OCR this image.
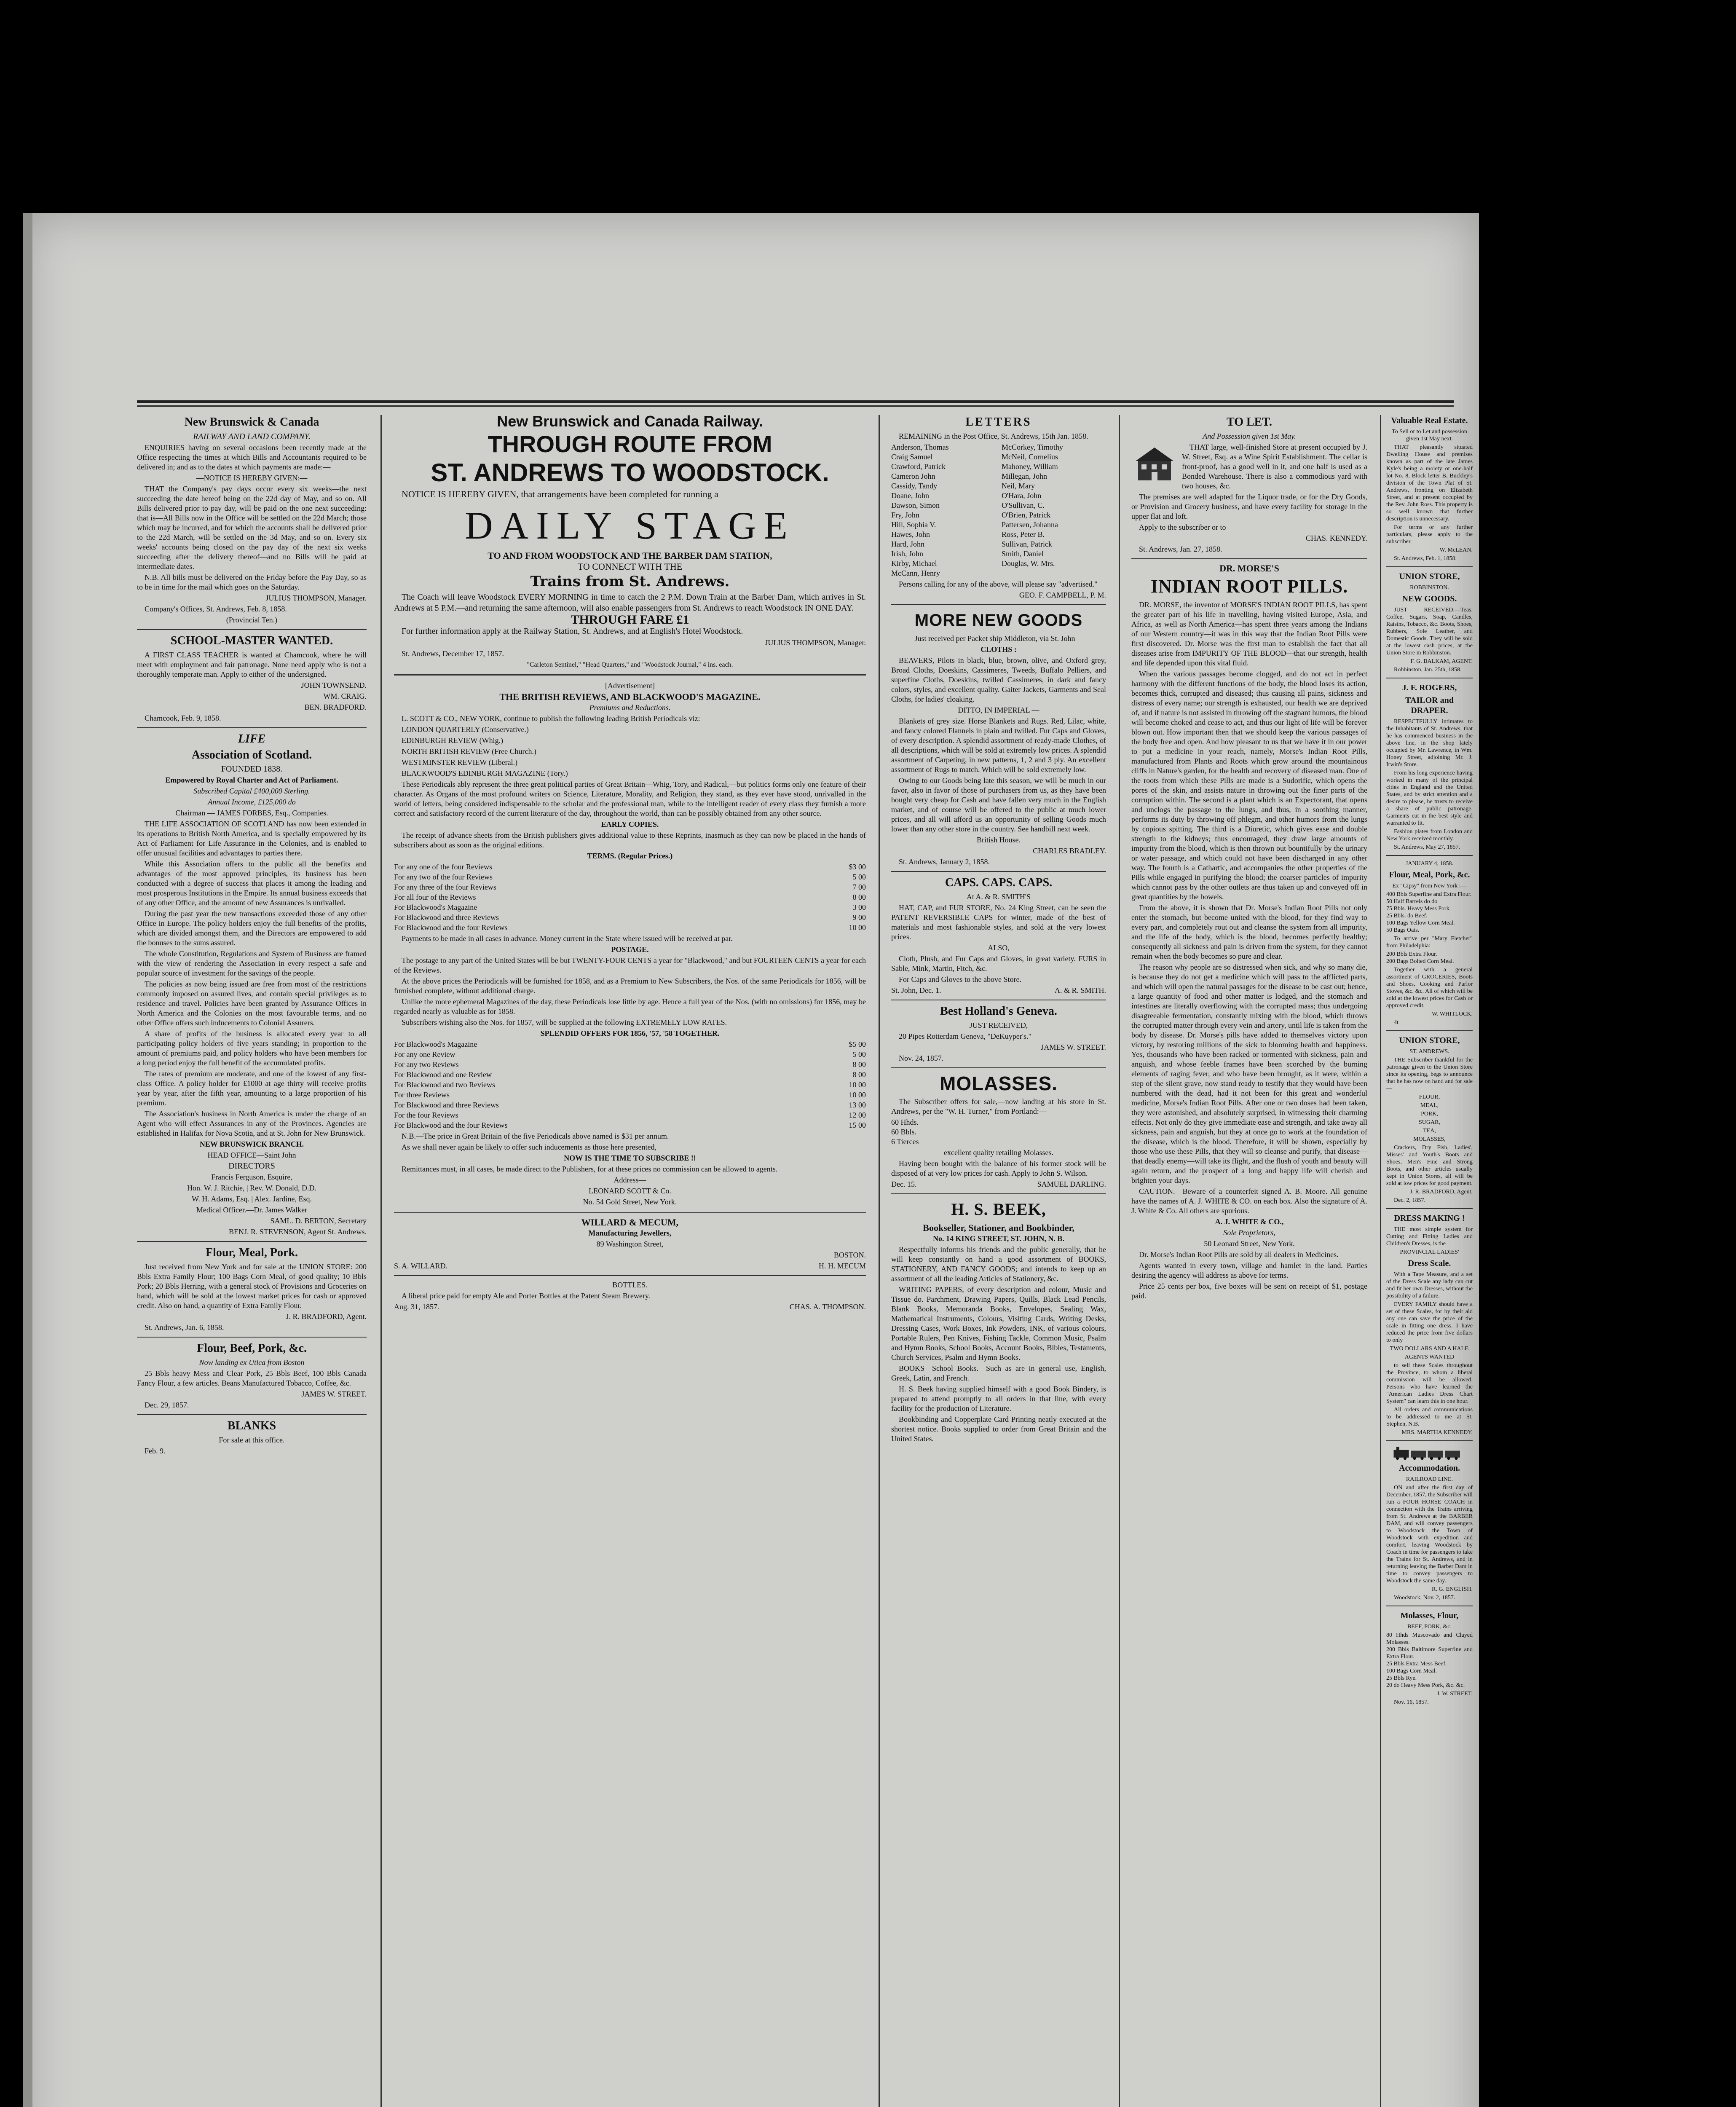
New Brunswick & Canada
RAILWAY AND LAND COMPANY.
ENQUIRIES having on several occasions been recently made at the Office respecting the times at which Bills and Accountants required to be delivered in; and as to the dates at which payments are made:—
—NOTICE IS HEREBY GIVEN:—
THAT the Company's pay days occur every six weeks—the next succeeding the date hereof being on the 22d day of May, and so on. All Bills delivered prior to pay day, will be paid on the one next succeeding: that is—All Bills now in the Office will be settled on the 22d March; those which may be incurred, and for which the accounts shall be delivered prior to the 22d March, will be settled on the 3d May, and so on. Every six weeks' accounts being closed on the pay day of the next six weeks succeeding after the delivery thereof—and no Bills will be paid at intermediate dates.
N.B. All bills must be delivered on the Friday before the Pay Day, so as to be in time for the mail which goes on the Saturday.
JULIUS THOMPSON, Manager.
Company's Offices, St. Andrews, Feb. 8, 1858.
(Provincial Ten.)
SCHOOL-MASTER WANTED.
A FIRST CLASS TEACHER is wanted at Chamcook, where he will meet with employment and fair patronage. None need apply who is not a thoroughly temperate man. Apply to either of the undersigned.
JOHN TOWNSEND.
WM. CRAIG.
BEN. BRADFORD.
Chamcook, Feb. 9, 1858.
LIFE
Association of Scotland.
FOUNDED 1838.
Empowered by Royal Charter and Act of Parliament.
Subscribed Capital £400,000 Sterling.
Annual Income, £125,000 do
Chairman — JAMES FORBES, Esq., Companies.
THE LIFE ASSOCIATION OF SCOTLAND has now been extended in its operations to British North America, and is specially empowered by its Act of Parliament for Life Assurance in the Colonies, and is enabled to offer unusual facilities and advantages to parties there.
While this Association offers to the public all the benefits and advantages of the most approved principles, its business has been conducted with a degree of success that places it among the leading and most prosperous Institutions in the Empire. Its annual business exceeds that of any other Office, and the amount of new Assurances is unrivalled.
During the past year the new transactions exceeded those of any other Office in Europe. The policy holders enjoy the full benefits of the profits, which are divided amongst them, and the Directors are empowered to add the bonuses to the sums assured.
The whole Constitution, Regulations and System of Business are framed with the view of rendering the Association in every respect a safe and popular source of investment for the savings of the people.
The policies as now being issued are free from most of the restrictions commonly imposed on assured lives, and contain special privileges as to residence and travel. Policies have been granted by Assurance Offices in North America and the Colonies on the most favourable terms, and no other Office offers such inducements to Colonial Assurers.
A share of profits of the business is allocated every year to all participating policy holders of five years standing; in proportion to the amount of premiums paid, and policy holders who have been members for a long period enjoy the full benefit of the accumulated profits.
The rates of premium are moderate, and one of the lowest of any first-class Office. A policy holder for £1000 at age thirty will receive profits year by year, after the fifth year, amounting to a large proportion of his premium.
The Association's business in North America is under the charge of an Agent who will effect Assurances in any of the Provinces. Agencies are established in Halifax for Nova Scotia, and at St. John for New Brunswick.
NEW BRUNSWICK BRANCH.
HEAD OFFICE—Saint John
DIRECTORS
Francis Ferguson, Esquire,
Hon. W. J. Ritchie, | Rev. W. Donald, D.D.
W. H. Adams, Esq. | Alex. Jardine, Esq.
Medical Officer.—Dr. James Walker
SAML. D. BERTON, Secretary
BENJ. R. STEVENSON, Agent St. Andrews.
Flour, Meal, Pork.
Just received from New York and for sale at the UNION STORE: 200 Bbls Extra Family Flour; 100 Bags Corn Meal, of good quality; 10 Bbls Pork; 20 Bbls Herring, with a general stock of Provisions and Groceries on hand, which will be sold at the lowest market prices for cash or approved credit. Also on hand, a quantity of Extra Family Flour.
J. R. BRADFORD, Agent.
St. Andrews, Jan. 6, 1858.
Flour, Beef, Pork, &c.
Now landing ex Utica from Boston
25 Bbls heavy Mess and Clear Pork, 25 Bbls Beef, 100 Bbls Canada Fancy Flour, a few articles. Beans Manufactured Tobacco, Coffee, &c.
JAMES W. STREET.
Dec. 29, 1857.
BLANKS
For sale at this office.
Feb. 9.
New Brunswick and Canada Railway.
THROUGH ROUTE FROM
ST. ANDREWS TO WOODSTOCK.
NOTICE IS HEREBY GIVEN, that arrangements have been completed for running a
DAILY STAGE
TO AND FROM WOODSTOCK AND THE BARBER DAM STATION,
TO CONNECT WITH THE
Trains from St. Andrews.
The Coach will leave Woodstock EVERY MORNING in time to catch the 2 P.M. Down Train at the Barber Dam, which arrives in St. Andrews at 5 P.M.—and returning the same afternoon, will also enable passengers from St. Andrews to reach Woodstock IN ONE DAY.
THROUGH FARE £1
For further information apply at the Railway Station, St. Andrews, and at English's Hotel Woodstock.
JULIUS THOMPSON, Manager.
St. Andrews, December 17, 1857.
"Carleton Sentinel," "Head Quarters," and "Woodstock Journal," 4 ins. each.
[Advertisement]
THE BRITISH REVIEWS, AND BLACKWOOD'S MAGAZINE.
Premiums and Reductions.
L. SCOTT & CO., NEW YORK, continue to publish the following leading British Periodicals viz:
LONDON QUARTERLY (Conservative.)
EDINBURGH REVIEW (Whig.)
NORTH BRITISH REVIEW (Free Church.)
WESTMINSTER REVIEW (Liberal.)
BLACKWOOD'S EDINBURGH MAGAZINE (Tory.)
These Periodicals ably represent the three great political parties of Great Britain—Whig, Tory, and Radical,—but politics forms only one feature of their character. As Organs of the most profound writers on Science, Literature, Morality, and Religion, they stand, as they ever have stood, unrivalled in the world of letters, being considered indispensable to the scholar and the professional man, while to the intelligent reader of every class they furnish a more correct and satisfactory record of the current literature of the day, throughout the world, than can be possibly obtained from any other source.
EARLY COPIES.
The receipt of advance sheets from the British publishers gives additional value to these Reprints, inasmuch as they can now be placed in the hands of subscribers about as soon as the original editions.
TERMS. (Regular Prices.)
For any one of the four Reviews	$3 00
For any two of the four Reviews	5 00
For any three of the four Reviews	7 00
For all four of the Reviews	8 00
For Blackwood's Magazine	3 00
For Blackwood and three Reviews	9 00
For Blackwood and the four Reviews	10 00
Payments to be made in all cases in advance. Money current in the State where issued will be received at par.
POSTAGE.
The postage to any part of the United States will be but TWENTY-FOUR CENTS a year for "Blackwood," and but FOURTEEN CENTS a year for each of the Reviews.
At the above prices the Periodicals will be furnished for 1858, and as a Premium to New Subscribers, the Nos. of the same Periodicals for 1856, will be furnished complete, without additional charge.
Unlike the more ephemeral Magazines of the day, these Periodicals lose little by age. Hence a full year of the Nos. (with no omissions) for 1856, may be regarded nearly as valuable as for 1858.
Subscribers wishing also the Nos. for 1857, will be supplied at the following EXTREMELY LOW RATES.
SPLENDID OFFERS FOR 1856, '57, '58 TOGETHER.
For Blackwood's Magazine	$5 00
For any one Review	5 00
For any two Reviews	8 00
For Blackwood and one Review	8 00
For Blackwood and two Reviews	10 00
For three Reviews	10 00
For Blackwood and three Reviews	13 00
For the four Reviews	12 00
For Blackwood and the four Reviews	15 00
N.B.—The price in Great Britain of the five Periodicals above named is $31 per annum.
As we shall never again be likely to offer such inducements as those here presented,
NOW IS THE TIME TO SUBSCRIBE !!
Remittances must, in all cases, be made direct to the Publishers, for at these prices no commission can be allowed to agents.
Address—
LEONARD SCOTT & Co.
No. 54 Gold Street, New York.
WILLARD & MECUM,
Manufacturing Jewellers,
89 Washington Street,
BOSTON.
S. A. WILLARD.	H. H. MECUM
BOTTLES.
A liberal price paid for empty Ale and Porter Bottles at the Patent Steam Brewery.
Aug. 31, 1857.	CHAS. A. THOMPSON.
LETTERS
REMAINING in the Post Office, St. Andrews, 15th Jan. 1858.
Anderson, Thomas
Craig Samuel
Crawford, Patrick
Cameron John
Cassidy, Tandy
Doane, John
Dawson, Simon
Fry, John
Hill, Sophia V.
Hawes, John
Hard, John
Irish, John
Kirby, Michael
McCann, Henry
McCorkey, Timothy
McNeil, Cornelius
Mahoney, William
Millegan, John
Neil, Mary
O'Hara, John
O'Sullivan, C.
O'Brien, Patrick
Pattersen, Johanna
Ross, Peter B.
Sullivan, Patrick
Smith, Daniel
Douglas, W. Mrs.
Persons calling for any of the above, will please say "advertised."
GEO. F. CAMPBELL, P. M.
MORE NEW GOODS
Just received per Packet ship Middleton, via St. John—
CLOTHS :
BEAVERS, Pilots in black, blue, brown, olive, and Oxford grey, Broad Cloths, Doeskins, Cassimeres, Tweeds, Buffalo Pelliers, and superfine Cloths, Doeskins, twilled Cassimeres, in dark and fancy colors, styles, and excellent quality. Gaiter Jackets, Garments and Seal Cloths, for ladies' cloaking.
DITTO, IN IMPERIAL —
Blankets of grey size. Horse Blankets and Rugs. Red, Lilac, white, and fancy colored Flannels in plain and twilled. Fur Caps and Gloves, of every description. A splendid assortment of ready-made Clothes, of all descriptions, which will be sold at extremely low prices. A splendid assortment of Carpeting, in new patterns, 1, 2 and 3 ply. An excellent assortment of Rugs to match. Which will be sold extremely low.
Owing to our Goods being late this season, we will be much in our favor, also in favor of those of purchasers from us, as they have been bought very cheap for Cash and have fallen very much in the English market, and of course will be offered to the public at much lower prices, and all will afford us an opportunity of selling Goods much lower than any other store in the country. See handbill next week.
British House.
CHARLES BRADLEY.
St. Andrews, January 2, 1858.
CAPS. CAPS. CAPS.
At A. & R. SMITH'S
HAT, CAP, and FUR STORE, No. 24 King Street, can be seen the PATENT REVERSIBLE CAPS for winter, made of the best of materials and most fashionable styles, and sold at the very lowest prices.
ALSO,
Cloth, Plush, and Fur Caps and Gloves, in great variety. FURS in Sable, Mink, Martin, Fitch, &c.
For Caps and Gloves to the above Store.
St. John, Dec. 1.	A. & R. SMITH.
Best Holland's Geneva.
JUST RECEIVED,
20 Pipes Rotterdam Geneva, "DeKuyper's."
JAMES W. STREET.
Nov. 24, 1857.
MOLASSES.
The Subscriber offers for sale,—now landing at his store in St. Andrews, per the "W. H. Turner," from Portland:—
60 Hhds.
60 Bbls.
6 Tierces
excellent quality retailing Molasses.
Having been bought with the balance of his former stock will be disposed of at very low prices for cash. Apply to John S. Wilson.
Dec. 15.	SAMUEL DARLING.
H. S. BEEK,
Bookseller, Stationer, and Bookbinder,
No. 14 KING STREET, ST. JOHN, N. B.
Respectfully informs his friends and the public generally, that he will keep constantly on hand a good assortment of BOOKS, STATIONERY, AND FANCY GOODS; and intends to keep up an assortment of all the leading Articles of Stationery, &c.
WRITING PAPERS, of every description and colour, Music and Tissue do. Parchment, Drawing Papers, Quills, Black Lead Pencils, Blank Books, Memoranda Books, Envelopes, Sealing Wax, Mathematical Instruments, Colours, Visiting Cards, Writing Desks, Dressing Cases, Work Boxes, Ink Powders, INK, of various colours, Portable Rulers, Pen Knives, Fishing Tackle, Common Music, Psalm and Hymn Books, School Books, Account Books, Bibles, Testaments, Church Services, Psalm and Hymn Books.
BOOKS—School Books.—Such as are in general use, English, Greek, Latin, and French.
H. S. Beek having supplied himself with a good Book Bindery, is prepared to attend promptly to all orders in that line, with every facility for the production of Literature.
Bookbinding and Copperplate Card Printing neatly executed at the shortest notice. Books supplied to order from Great Britain and the United States.
TO LET.
And Possession given 1st May.
THAT large, well-finished Store at present occupied by J. W. Street, Esq. as a Wine Spirit Establishment. The cellar is front-proof, has a good well in it, and one half is used as a Bonded Warehouse. There is also a commodious yard with two houses, &c.
The premises are well adapted for the Liquor trade, or for the Dry Goods, or Provision and Grocery business, and have every facility for storage in the upper flat and loft.
Apply to the subscriber or to
CHAS. KENNEDY.
St. Andrews, Jan. 27, 1858.
DR. MORSE'S
INDIAN ROOT PILLS.
DR. MORSE, the inventor of MORSE'S INDIAN ROOT PILLS, has spent the greater part of his life in travelling, having visited Europe, Asia, and Africa, as well as North America—has spent three years among the Indians of our Western country—it was in this way that the Indian Root Pills were first discovered. Dr. Morse was the first man to establish the fact that all diseases arise from IMPURITY OF THE BLOOD—that our strength, health and life depended upon this vital fluid.
When the various passages become clogged, and do not act in perfect harmony with the different functions of the body, the blood loses its action, becomes thick, corrupted and diseased; thus causing all pains, sickness and distress of every name; our strength is exhausted, our health we are deprived of, and if nature is not assisted in throwing off the stagnant humors, the blood will become choked and cease to act, and thus our light of life will be forever blown out. How important then that we should keep the various passages of the body free and open. And how pleasant to us that we have it in our power to put a medicine in your reach, namely, Morse's Indian Root Pills, manufactured from Plants and Roots which grow around the mountainous cliffs in Nature's garden, for the health and recovery of diseased man. One of the roots from which these Pills are made is a Sudorific, which opens the pores of the skin, and assists nature in throwing out the finer parts of the corruption within. The second is a plant which is an Expectorant, that opens and unclogs the passage to the lungs, and thus, in a soothing manner, performs its duty by throwing off phlegm, and other humors from the lungs by copious spitting. The third is a Diuretic, which gives ease and double strength to the kidneys; thus encouraged, they draw large amounts of impurity from the blood, which is then thrown out bountifully by the urinary or water passage, and which could not have been discharged in any other way. The fourth is a Cathartic, and accompanies the other properties of the Pills while engaged in purifying the blood; the coarser particles of impurity which cannot pass by the other outlets are thus taken up and conveyed off in great quantities by the bowels.
From the above, it is shown that Dr. Morse's Indian Root Pills not only enter the stomach, but become united with the blood, for they find way to every part, and completely rout out and cleanse the system from all impurity, and the life of the body, which is the blood, becomes perfectly healthy; consequently all sickness and pain is driven from the system, for they cannot remain when the body becomes so pure and clear.
The reason why people are so distressed when sick, and why so many die, is because they do not get a medicine which will pass to the afflicted parts, and which will open the natural passages for the disease to be cast out; hence, a large quantity of food and other matter is lodged, and the stomach and intestines are literally overflowing with the corrupted mass; thus undergoing disagreeable fermentation, constantly mixing with the blood, which throws the corrupted matter through every vein and artery, until life is taken from the body by disease. Dr. Morse's pills have added to themselves victory upon victory, by restoring millions of the sick to blooming health and happiness. Yes, thousands who have been racked or tormented with sickness, pain and anguish, and whose feeble frames have been scorched by the burning elements of raging fever, and who have been brought, as it were, within a step of the silent grave, now stand ready to testify that they would have been numbered with the dead, had it not been for this great and wonderful medicine, Morse's Indian Root Pills. After one or two doses had been taken, they were astonished, and absolutely surprised, in witnessing their charming effects. Not only do they give immediate ease and strength, and take away all sickness, pain and anguish, but they at once go to work at the foundation of the disease, which is the blood. Therefore, it will be shown, especially by those who use these Pills, that they will so cleanse and purify, that disease—that deadly enemy—will take its flight, and the flush of youth and beauty will again return, and the prospect of a long and happy life will cherish and brighten your days.
CAUTION.—Beware of a counterfeit signed A. B. Moore. All genuine have the names of A. J. WHITE & CO. on each box. Also the signature of A. J. White & Co. All others are spurious.
A. J. WHITE & CO.,
Sole Proprietors,
50 Leonard Street, New York.
Dr. Morse's Indian Root Pills are sold by all dealers in Medicines.
Agents wanted in every town, village and hamlet in the land. Parties desiring the agency will address as above for terms.
Price 25 cents per box, five boxes will be sent on receipt of $1, postage paid.
Valuable Real Estate.
To Sell or to Let and possession given 1st May next.
THAT pleasantly situated Dwelling House and premises known as part of the late James Kyle's being a moiety or one-half lot No. 8, Block letter B, Buckley's division of the Town Plat of St. Andrews, fronting on Elizabeth Street, and at present occupied by the Rev. John Ross. This property is so well known that further description is unnecessary.
For terms or any further particulars, please apply to the subscriber.
W. McLEAN.
St. Andrews, Feb. 1, 1858.
UNION STORE,
ROBBINSTON.
NEW GOODS.
JUST RECEIVED.—Teas, Coffee, Sugars, Soap, Candles, Raisins, Tobacco, &c. Boots, Shoes, Rubbers, Sole Leather, and Domestic Goods. They will be sold at the lowest cash prices, at the Union Store in Robbinston.
F. G. BALKAM, AGENT.
Robbinston, Jan. 25th, 1858.
J. F. ROGERS,
TAILOR and DRAPER.
RESPECTFULLY intimates to the Inhabitants of St. Andrews, that he has commenced business in the above line, in the shop lately occupied by Mr. Lawrence, in Wm. Honey Street, adjoining Mr. J. Irwin's Store.
From his long experience having worked in many of the principal cities in England and the United States, and by strict attention and a desire to please, he trusts to receive a share of public patronage. Garments cut in the best style and warranted to fit.
Fashion plates from London and New York received monthly.
St. Andrews, May 27, 1857.
JANUARY 4, 1858.
Flour, Meal, Pork, &c.
Ex "Gipsy" from New York :—
400 Bbls Superfine and Extra Flour.
50 Half Barrels do do
75 Bbls. Heavy Mess Pork.
25 Bbls. do Beef.
100 Bags Yellow Corn Meal.
50 Bags Oats.
To arrive per "Mary Fletcher" from Philadelphia:
200 Bbls Extra Flour.
200 Bags Bolted Corn Meal.
Together with a general assortment of GROCERIES, Boots and Shoes, Cooking and Parlor Stoves, &c. &c. All of which will be sold at the lowest prices for Cash or approved credit.
W. WHITLOCK.
4t
UNION STORE,
ST. ANDREWS.
THE Subscriber thankful for the patronage given to the Union Store since its opening, begs to announce that he has now on hand and for sale—
FLOUR,
MEAL,
PORK,
SUGAR,
TEA,
MOLASSES,
Crackers, Dry Fish, Ladies', Misses' and Youth's Boots and Shoes, Men's Fine and Strong Boots, and other articles usually kept in Union Stores, all will be sold at low prices for good payment.
J. R. BRADFORD, Agent.
Dec. 2, 1857.
DRESS MAKING !
THE most simple system for Cutting and Fitting Ladies and Children's Dresses, is the
PROVINCIAL LADIES'
Dress Scale.
With a Tape Measure, and a set of the Dress Scale any lady can cut and fit her own Dresses, without the possibility of a failure.
EVERY FAMILY should have a set of these Scales, for by their aid any one can save the price of the scale in fitting one dress. I have reduced the price from five dollars to only
TWO DOLLARS AND A HALF.
AGENTS WANTED
to sell these Scales throughout the Province, to whom a liberal commission will be allowed. Persons who have learned the "American Ladies Dress Chart System" can learn this in one hour.
All orders and communications to be addressed to me at St. Stephen, N.B.
MRS. MARTHA KENNEDY.
Accommodation.
RAILROAD LINE.
ON and after the first day of December, 1857, the Subscriber will run a FOUR HORSE COACH in connection with the Trains arriving from St. Andrews at the BARBER DAM, and will convey passengers to Woodstock the Town of Woodstock with expedition and comfort, leaving Woodstock by Coach in time for passengers to take the Trains for St. Andrews, and in returning leaving the Barber Dam in time to convey passengers to Woodstock the same day.
R. G. ENGLISH.
Woodstock, Nov. 2, 1857.
Molasses, Flour,
BEEF, PORK, &c.
80 Hhds Muscovado and Clayed Molasses.
200 Bbls Baltimore Superfine and Extra Flour.
25 Bbls Extra Mess Beef.
100 Bags Corn Meal.
25 Bbls Rye.
20 do Heavy Mess Pork, &c. &c.
J. W. STREET,
Nov. 16, 1857.
